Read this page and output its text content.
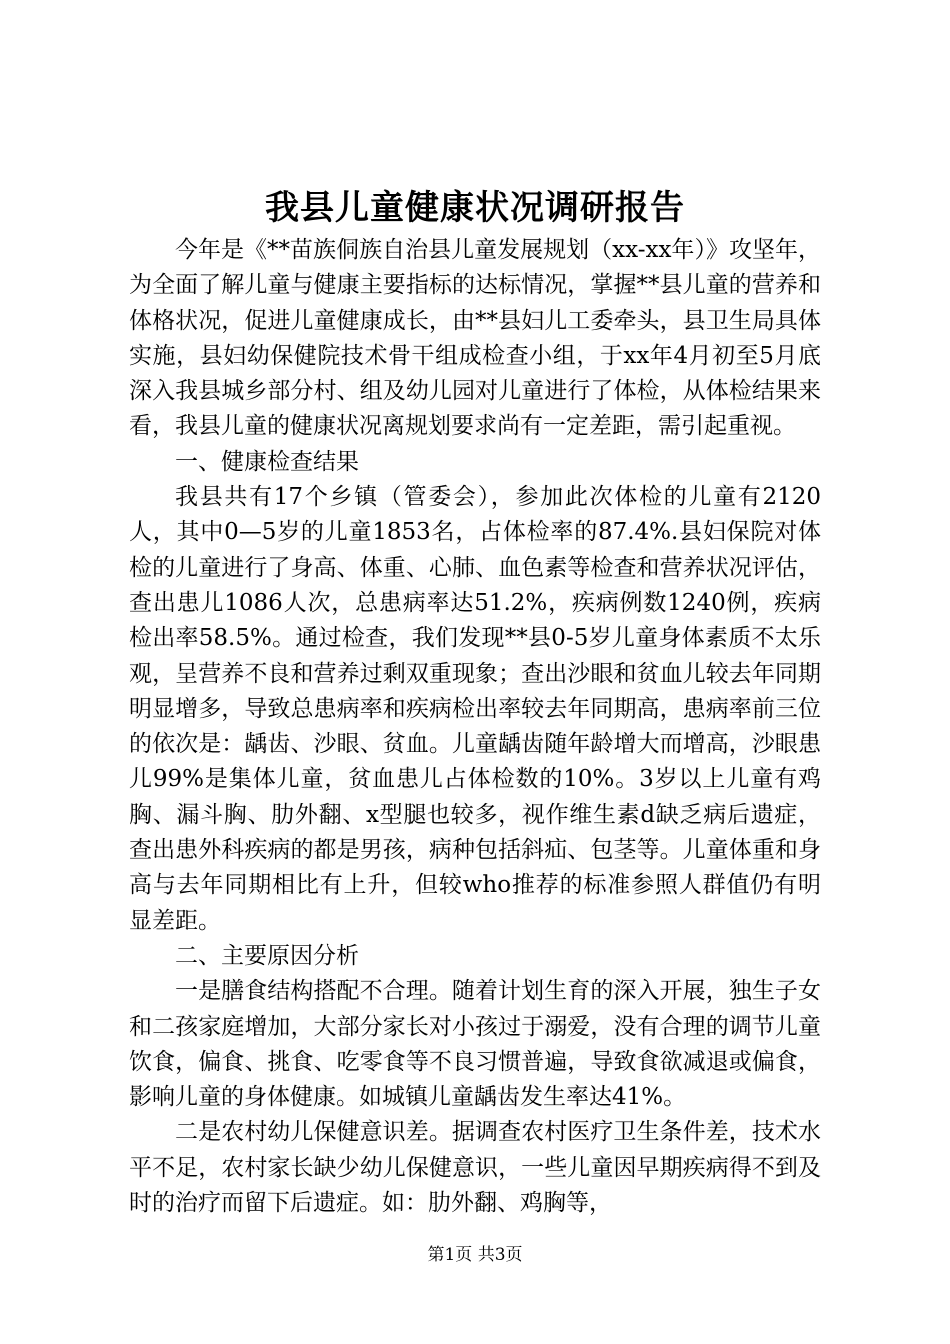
我县儿童健康状况调研报告

今年是《**苗族侗族自治县儿童发展规划（xx-xx年）》攻坚年，为全面了解儿童与健康主要指标的达标情况，掌握**县儿童的营养和体格状况，促进儿童健康成长，由**县妇儿工委牵头，县卫生局具体实施，县妇幼保健院技术骨干组成检查小组，于xx年4月初至5月底深入我县城乡部分村、组及幼儿园对儿童进行了体检，从体检结果来看，我县儿童的健康状况离规划要求尚有一定差距，需引起重视。

一、健康检查结果

我县共有17个乡镇（管委会），参加此次体检的儿童有2120人，其中0—5岁的儿童1853名，占体检率的87.4%.县妇保院对体检的儿童进行了身高、体重、心肺、血色素等检查和营养状况评估，查出患儿1086人次，总患病率达51.2%，疾病例数1240例，疾病检出率58.5%。通过检查，我们发现**县0-5岁儿童身体素质不太乐观，呈营养不良和营养过剩双重现象；查出沙眼和贫血儿较去年同期明显增多，导致总患病率和疾病检出率较去年同期高，患病率前三位的依次是：龋齿、沙眼、贫血。儿童龋齿随年龄增大而增高，沙眼患儿99%是集体儿童，贫血患儿占体检数的10%。3岁以上儿童有鸡胸、漏斗胸、肋外翻、x型腿也较多，视作维生素d缺乏病后遗症，查出患外科疾病的都是男孩，病种包括斜疝、包茎等。儿童体重和身高与去年同期相比有上升，但较who推荐的标准参照人群值仍有明显差距。

二、主要原因分析

一是膳食结构搭配不合理。随着计划生育的深入开展，独生子女和二孩家庭增加，大部分家长对小孩过于溺爱，没有合理的调节儿童饮食，偏食、挑食、吃零食等不良习惯普遍，导致食欲减退或偏食，影响儿童的身体健康。如城镇儿童龋齿发生率达41%。

二是农村幼儿保健意识差。据调查农村医疗卫生条件差，技术水平不足，农村家长缺少幼儿保健意识，一些儿童因早期疾病得不到及时的治疗而留下后遗症。如：肋外翻、鸡胸等，

第1页 共3页
